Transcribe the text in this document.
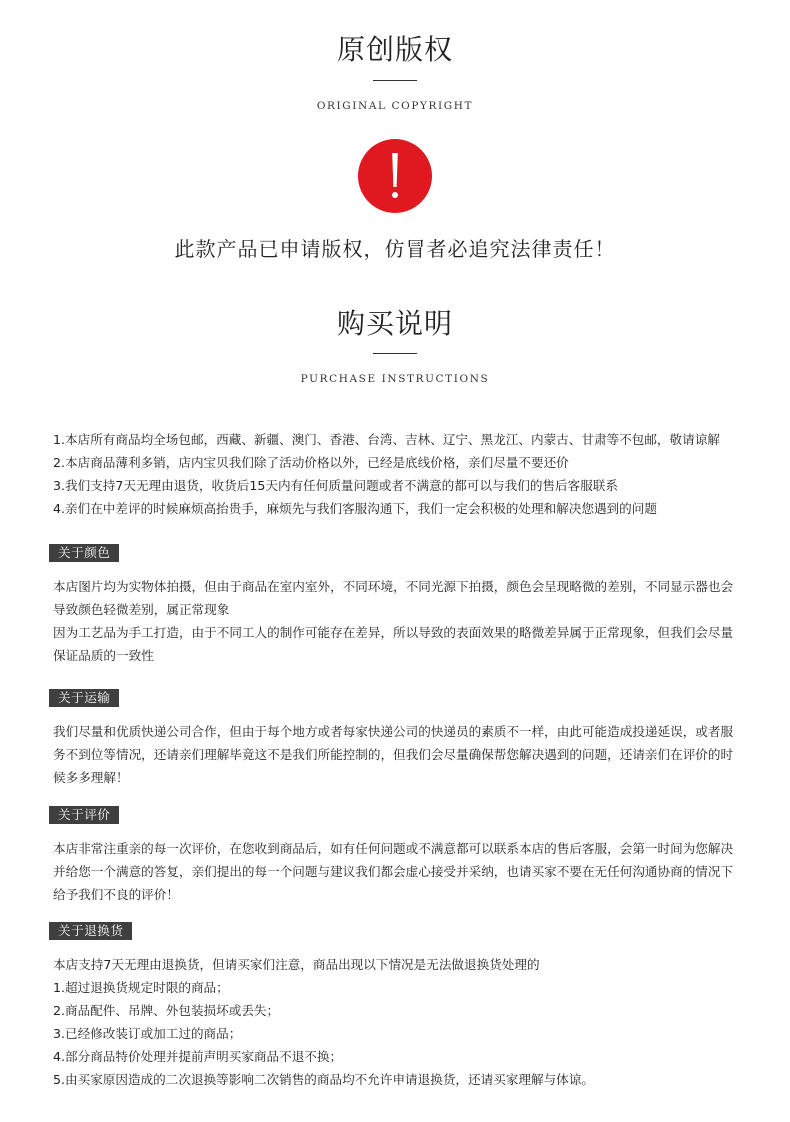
原创版权
ORIGINAL COPYRIGHT
此款产品已申请版权，仿冒者必追究法律责任！
购买说明
PURCHASE INSTRUCTIONS

1.本店所有商品均全场包邮，西藏、新疆、澳门、香港、台湾、吉林、辽宁、黑龙江、内蒙古、甘肃等不包邮，敬请谅解

2.本店商品薄利多销，店内宝贝我们除了活动价格以外，已经是底线价格，亲们尽量不要还价

3.我们支持7天无理由退货，收货后15天内有任何质量问题或者不满意的都可以与我们的售后客服联系

4.亲们在中差评的时候麻烦高抬贵手，麻烦先与我们客服沟通下，我们一定会积极的处理和解决您遇到的问题

关于颜色

本店图片均为实物体拍摄，但由于商品在室内室外，不同环境，不同光源下拍摄，颜色会呈现略微的差别，不同显示器也会导致颜色轻微差别，属正常现象

因为工艺品为手工打造，由于不同工人的制作可能存在差异，所以导致的表面效果的略微差异属于正常现象，但我们会尽量保证品质的一致性

关于运输

我们尽量和优质快递公司合作，但由于每个地方或者每家快递公司的快递员的素质不一样，由此可能造成投递延误，或者服务不到位等情况，还请亲们理解毕竟这不是我们所能控制的，但我们会尽量确保帮您解决遇到的问题，还请亲们在评价的时候多多理解！

关于评价

本店非常注重亲的每一次评价，在您收到商品后，如有任何问题或不满意都可以联系本店的售后客服，会第一时间为您解决并给您一个满意的答复，亲们提出的每一个问题与建议我们都会虚心接受并采纳，也请买家不要在无任何沟通协商的情况下给予我们不良的评价！

关于退换货

本店支持7天无理由退换货，但请买家们注意，商品出现以下情况是无法做退换货处理的

1.超过退换货规定时限的商品；

2.商品配件、吊牌、外包装损坏或丢失；

3.已经修改装订或加工过的商品；

4.部分商品特价处理并提前声明买家商品不退不换；

5.由买家原因造成的二次退换等影响二次销售的商品均不允许申请退换货，还请买家理解与体谅。
